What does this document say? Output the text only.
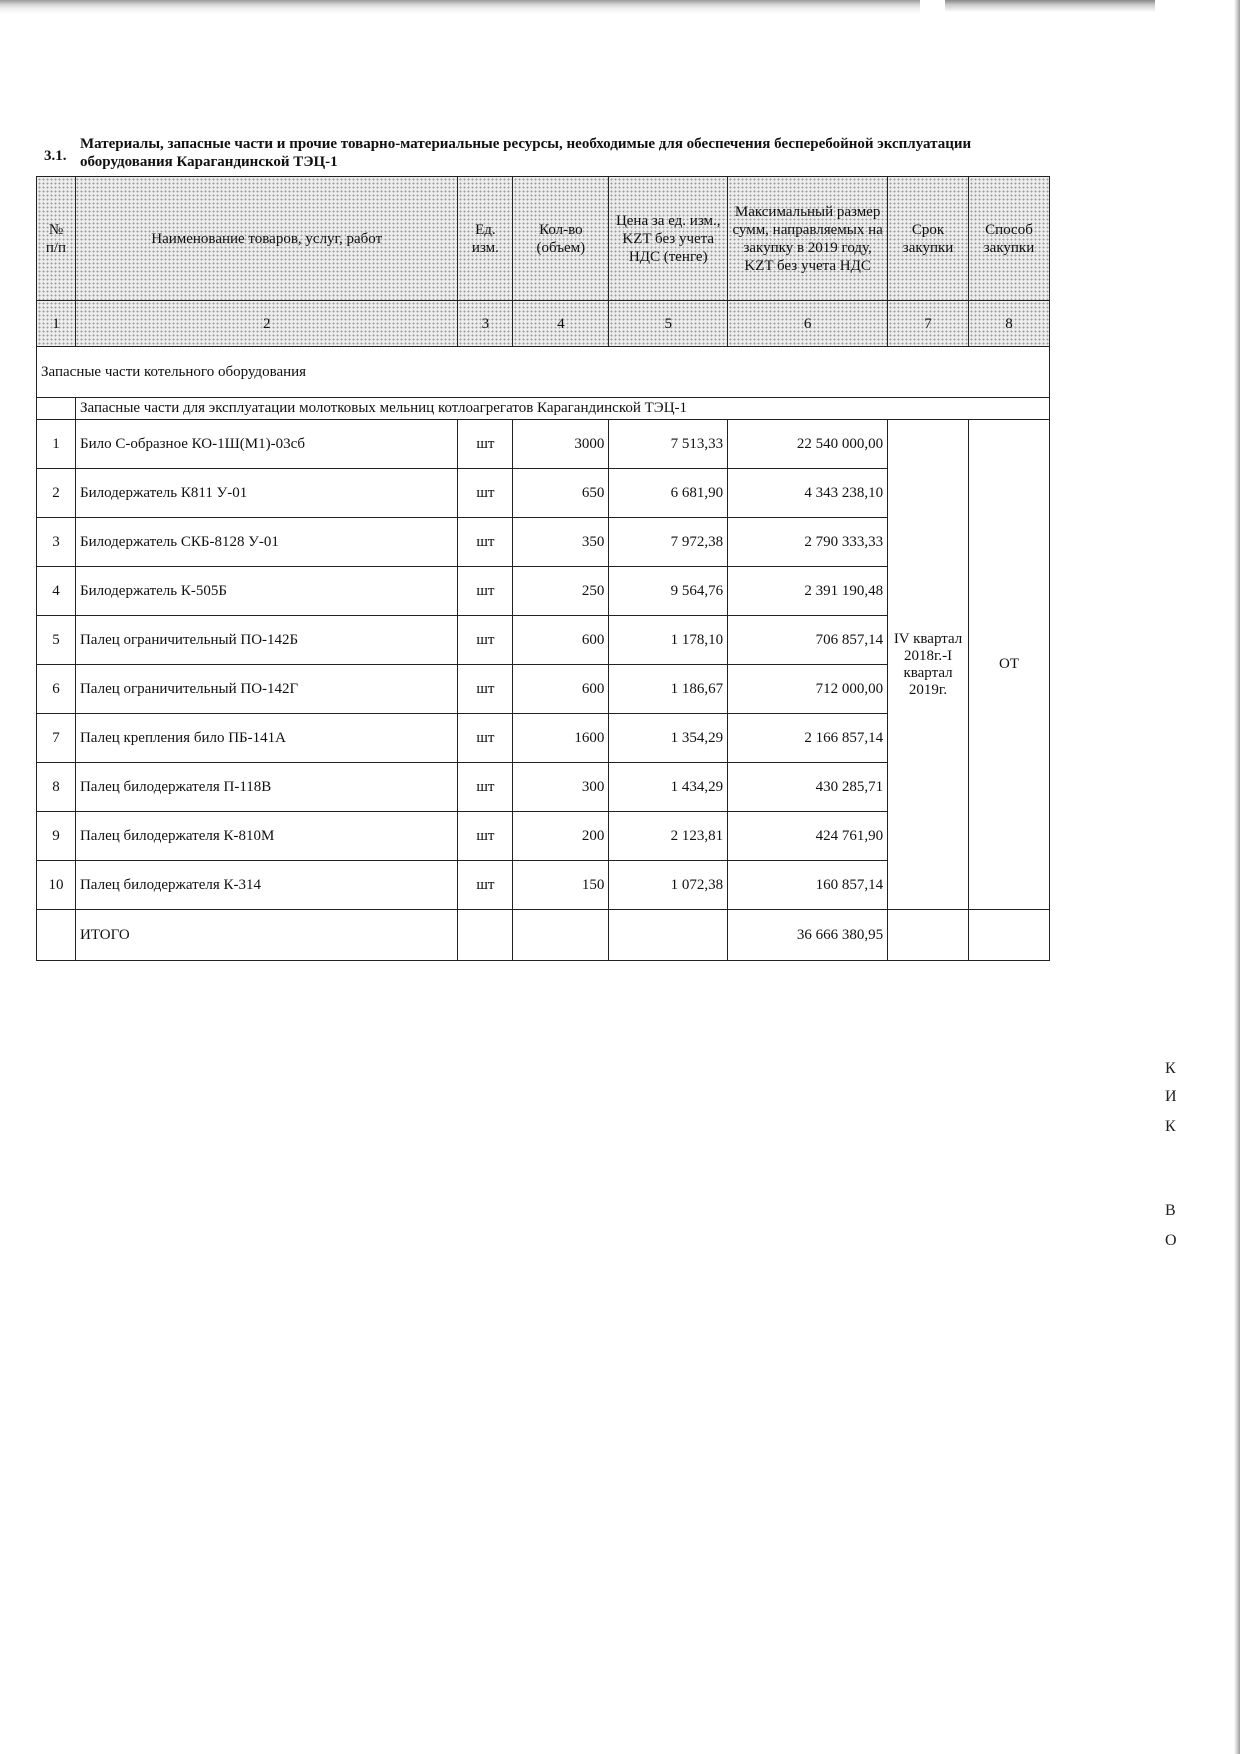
3.1.
Материалы, запасные части и прочие товарно-материальные ресурсы, необходимые для обеспечения бесперебойной эксплуатации оборудования Карагандинской ТЭЦ-1
№ п/п	Наименование товаров, услуг, работ	Ед. изм.	Кол-во (объем)	Цена за ед. изм., KZT без учета НДС (тенге)	Максимальный размер сумм, направляемых на закупку в 2019 году, KZT без учета НДС	Срок закупки	Способ закупки
1	2	3	4	5	6	7	8
Запасные части котельного оборудования							
	Запасные части для эксплуатации молотковых мельниц котлоагрегатов Карагандинской ТЭЦ-1						
1	Било С-образное КО-1Ш(М1)-03сб	шт	3000	7 513,33	22 540 000,00	IV квартал 2018г.-I квартал 2019г.	ОТ
2	Билодержатель К811 У-01	шт	650	6 681,90	4 343 238,10		
3	Билодержатель СКБ-8128 У-01	шт	350	7 972,38	2 790 333,33		
4	Билодержатель К-505Б	шт	250	9 564,76	2 391 190,48		
5	Палец ограничительный ПО-142Б	шт	600	1 178,10	706 857,14		
6	Палец ограничительный ПО-142Г	шт	600	1 186,67	712 000,00		
7	Палец крепления било ПБ-141А	шт	1600	1 354,29	2 166 857,14		
8	Палец билодержателя П-118В	шт	300	1 434,29	430 285,71		
9	Палец билодержателя К-810М	шт	200	2 123,81	424 761,90		
10	Палец билодержателя К-314	шт	150	1 072,38	160 857,14		
	ИТОГО				36 666 380,95		
К
И
К
В
О
